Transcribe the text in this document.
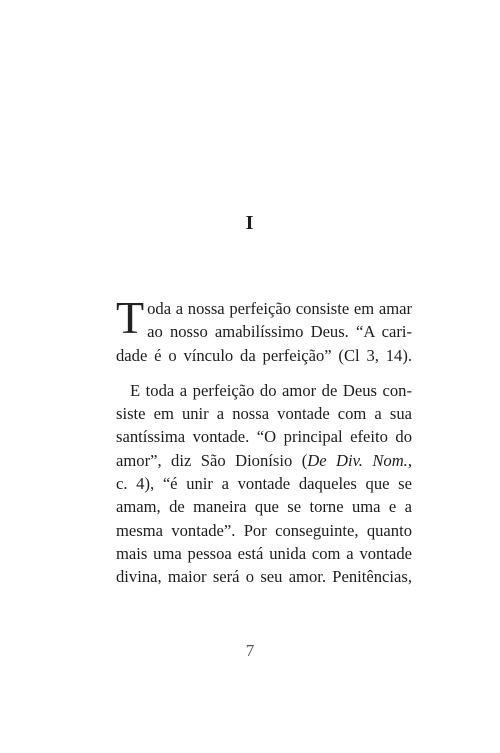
I
T oda a nossa perfeição consiste em amar
ao nosso amabilíssimo Deus. “A cari-
dade é o vínculo da perfeição” (Cl 3, 14).
E toda a perfeição do amor de Deus con-
siste em unir a nossa vontade com a sua
santíssima vontade. “O principal efeito do
amor”, diz São Dionísio (De Div. Nom.,
c. 4), “é unir a vontade daqueles que se
amam, de maneira que se torne uma e a
mesma vontade”. Por conseguinte, quanto
mais uma pessoa está unida com a vontade
divina, maior será o seu amor. Penitências,
7
